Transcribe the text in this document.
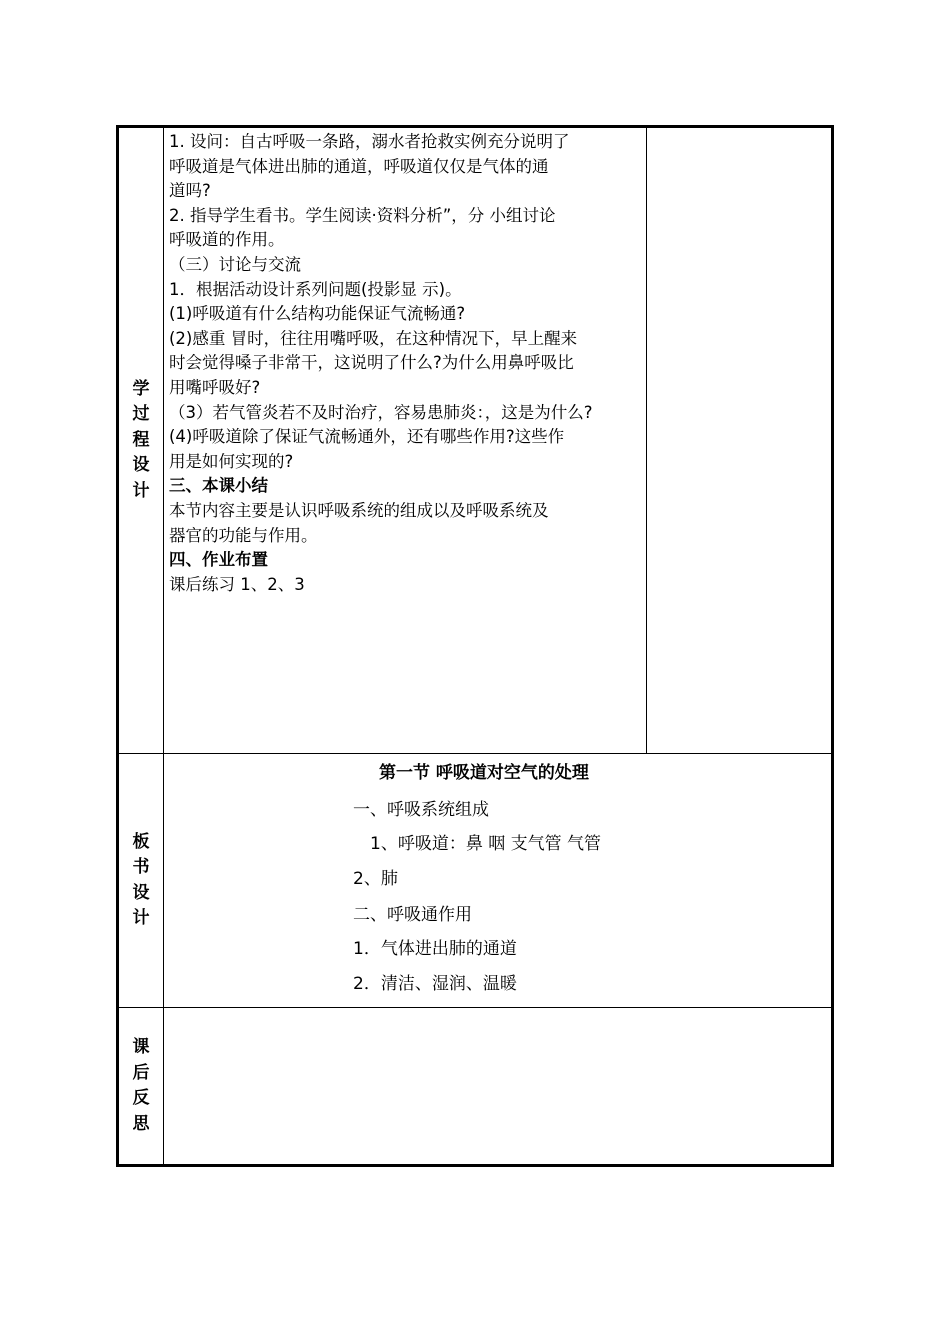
学
过
程
设
计
板
书
设
计
课
后
反
思
1. 设问：自古呼吸一条路，溺水者抢救实例充分说明了
呼吸道是气体进出肺的通道，呼吸道仅仅是气体的通
道吗?
2. 指导学生看书。学生阅读·资料分析”，分 小组讨论
呼吸道的作用。
（三）讨论与交流
1．根据活动设计系列问题(投影显 示)。
(1)呼吸道有什么结构功能保证气流畅通?
(2)感重 冒时，往往用嘴呼吸，在这种情况下，早上醒来
时会觉得嗓子非常干，这说明了什么?为什么用鼻呼吸比
用嘴呼吸好?
（3）若气管炎若不及时治疗，容易患肺炎：，这是为什么?
(4)呼吸道除了保证气流畅通外，还有哪些作用?这些作
用是如何实现的?
三、本课小结
本节内容主要是认识呼吸系统的组成以及呼吸系统及
器官的功能与作用。
四、作业布置
课后练习 1、2、3
第一节 呼吸道对空气的处理
一、呼吸系统组成
1、呼吸道：鼻 咽 支气管 气管
2、肺
二、呼吸通作用
1．气体进出肺的通道
2．清洁、湿润、温暖
